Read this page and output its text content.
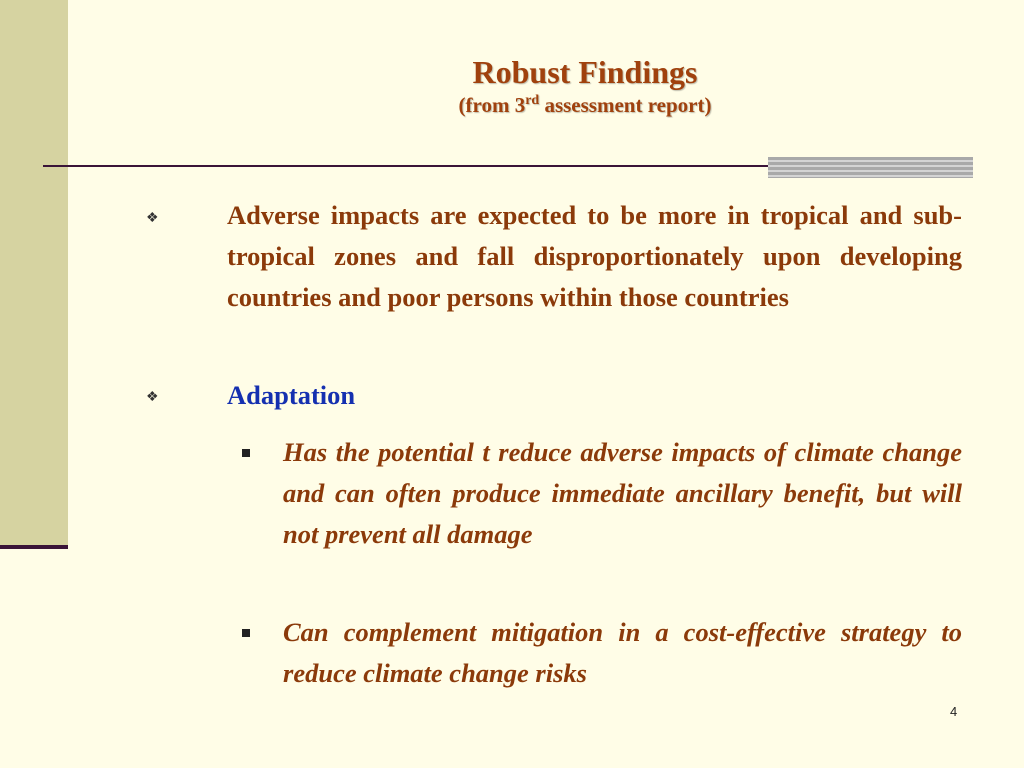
Robust Findings
(from 3rd assessment report)
❖	Adverse impacts are expected to be more in tropical and sub-tropical zones and fall disproportionately upon developing countries and poor persons within those countries
❖	Adaptation
Has the potential t reduce adverse impacts of climate change and can often produce immediate ancillary benefit, but will not prevent all damage
Can complement mitigation in a cost-effective strategy to reduce climate change risks
4
